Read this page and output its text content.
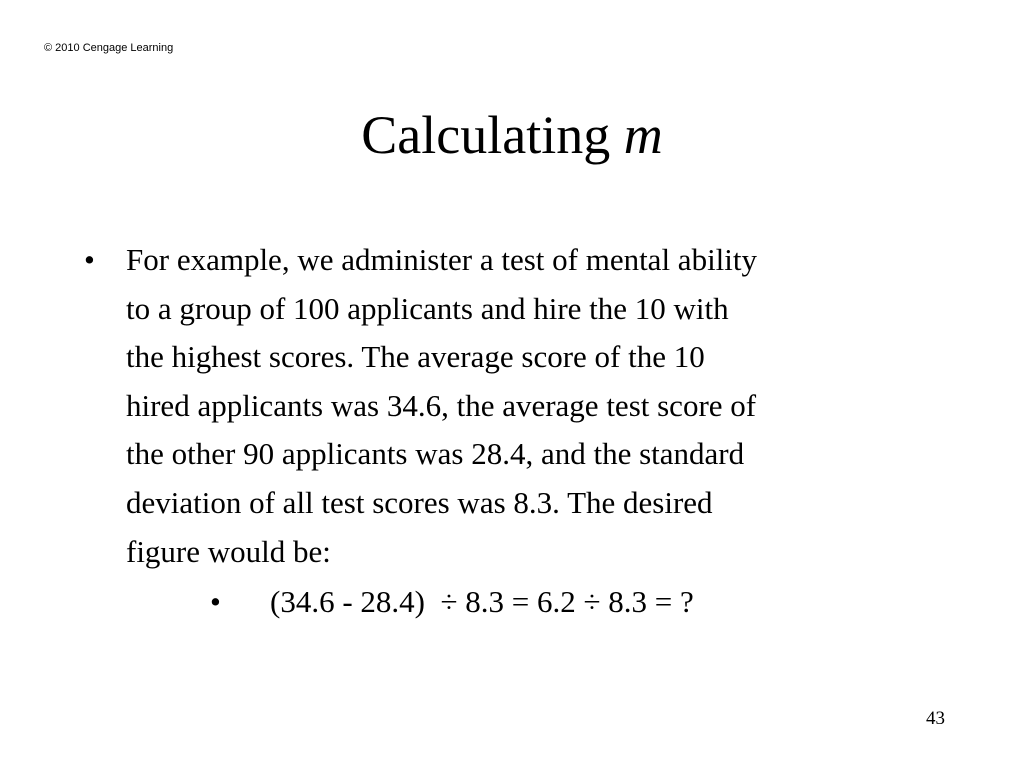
© 2010 Cengage Learning
Calculating m
• For example, we administer a test of mental ability
to a group of 100 applicants and hire the 10 with
the highest scores. The average score of the 10
hired applicants was 34.6, the average test score of
the other 90 applicants was 28.4, and the standard
deviation of all test scores was 8.3. The desired
figure would be:
• (34.6 - 28.4)  ÷ 8.3 = 6.2 ÷ 8.3 = ?
43
